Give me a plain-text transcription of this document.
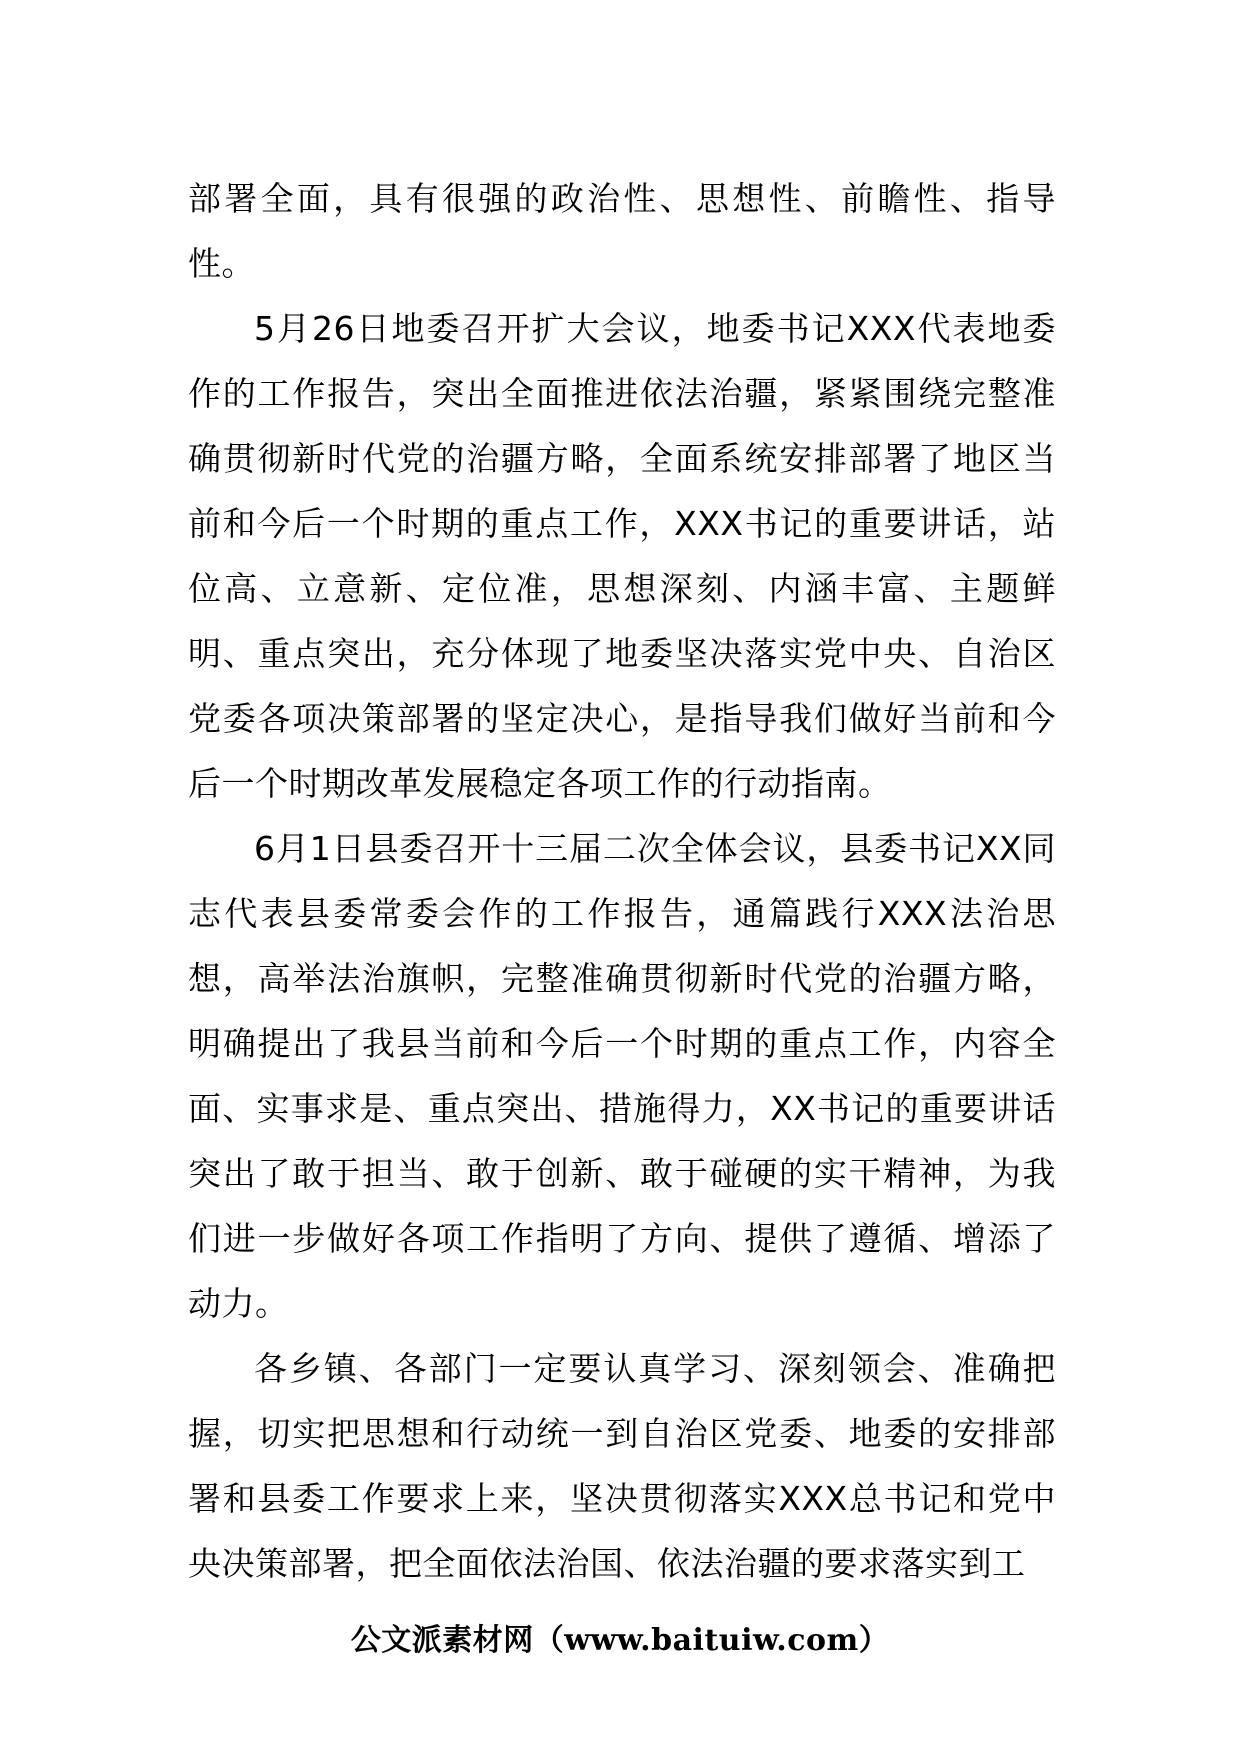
部署全面，具有很强的政治性、思想性、前瞻性、指导性。

5月26日地委召开扩大会议，地委书记XXX代表地委作的工作报告，突出全面推进依法治疆，紧紧围绕完整准确贯彻新时代党的治疆方略，全面系统安排部署了地区当前和今后一个时期的重点工作，XXX书记的重要讲话，站位高、立意新、定位准，思想深刻、内涵丰富、主题鲜明、重点突出，充分体现了地委坚决落实党中央、自治区党委各项决策部署的坚定决心，是指导我们做好当前和今后一个时期改革发展稳定各项工作的行动指南。

6月1日县委召开十三届二次全体会议，县委书记XX同志代表县委常委会作的工作报告，通篇践行XXX法治思想，高举法治旗帜，完整准确贯彻新时代党的治疆方略，明确提出了我县当前和今后一个时期的重点工作，内容全面、实事求是、重点突出、措施得力，XX书记的重要讲话突出了敢于担当、敢于创新、敢于碰硬的实干精神，为我们进一步做好各项工作指明了方向、提供了遵循、增添了动力。

各乡镇、各部门一定要认真学习、深刻领会、准确把握，切实把思想和行动统一到自治区党委、地委的安排部署和县委工作要求上来，坚决贯彻落实XXX总书记和党中央决策部署，把全面依法治国、依法治疆的要求落实到工

公文派素材网（www.baituiw.com）
